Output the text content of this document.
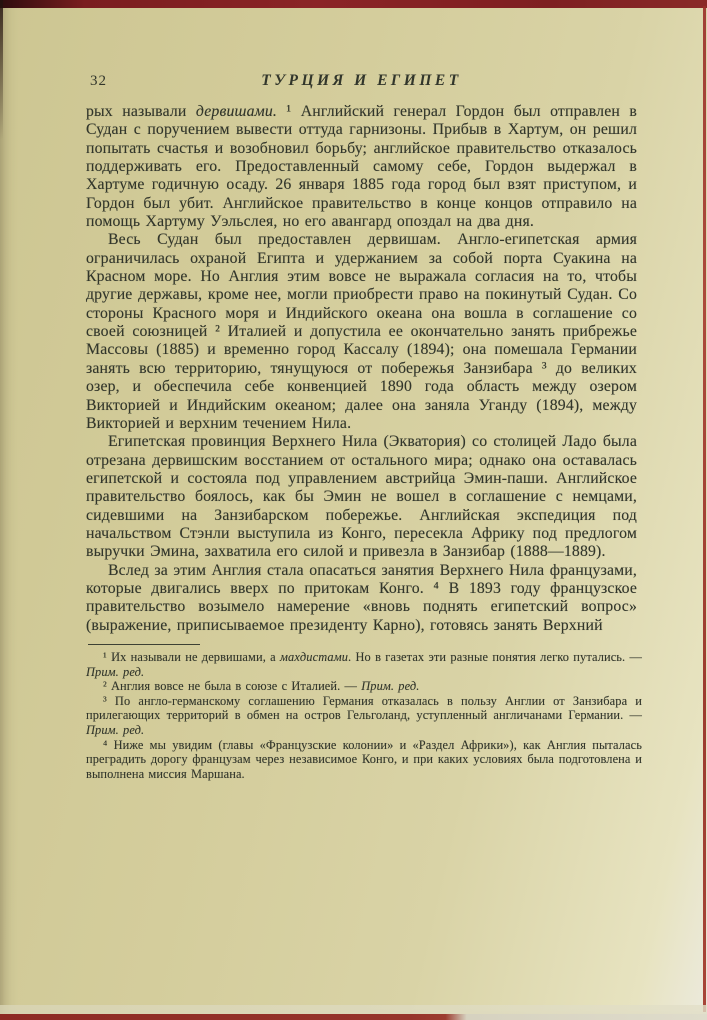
32	ТУРЦИЯ И ЕГИПЕТ

рых называли дервишами. ¹ Английский генерал Гордон был отправлен в Судан с поручением вывести оттуда гарнизоны. Прибыв в Хартум, он решил попытать счастья и возобновил борьбу; английское правительство отказалось поддерживать его. Предоставленный самому себе, Гордон выдержал в Хартуме годичную осаду. 26 января 1885 года город был взят приступом, и Гордон был убит. Английское правительство в конце концов отправило на помощь Хартуму Уэльслея, но его авангард опоздал на два дня.

Весь Судан был предоставлен дервишам. Англо-египетская армия ограничилась охраной Египта и удержанием за собой порта Суакина на Красном море. Но Англия этим вовсе не выражала согласия на то, чтобы другие державы, кроме нее, могли приобрести право на покинутый Судан. Со стороны Красного моря и Индийского океана она вошла в соглашение со своей союзницей ² Италией и допустила ее окончательно занять прибрежье Массовы (1885) и временно город Кассалу (1894); она помешала Германии занять всю территорию, тянущуюся от побережья Занзибара ³ до великих озер, и обеспечила себе конвенцией 1890 года область между озером Викторией и Индийским океаном; далее она заняла Уганду (1894), между Викторией и верхним течением Нила.

Египетская провинция Верхнего Нила (Экватория) со столицей Ладо была отрезана дервишским восстанием от остального мира; однако она оставалась египетской и состояла под управлением австрийца Эмин-паши. Английское правительство боялось, как бы Эмин не вошел в соглашение с немцами, сидевшими на Занзибарском побережье. Английская экспедиция под начальством Стэнли выступила из Конго, пересекла Африку под предлогом выручки Эмина, захватила его силой и привезла в Занзибар (1888—1889).

Вслед за этим Англия стала опасаться занятия Верхнего Нила французами, которые двигались вверх по притокам Конго. ⁴ В 1893 году французское правительство возымело намерение «вновь поднять египетский вопрос» (выражение, приписываемое президенту Карно), готовясь занять Верхний

¹ Их называли не дервишами, а махдистами. Но в газетах эти разные понятия легко путались. — Прим. ред.

² Англия вовсе не была в союзе с Италией. — Прим. ред.

³ По англо-германскому соглашению Германия отказалась в пользу Англии от Занзибара и прилегающих территорий в обмен на остров Гельголанд, уступленный англичанами Германии. — Прим. ред.

⁴ Ниже мы увидим (главы «Французские колонии» и «Раздел Африки»), как Англия пыталась преградить дорогу французам через независимое Конго, и при каких условиях была подготовлена и выполнена миссия Маршана.
